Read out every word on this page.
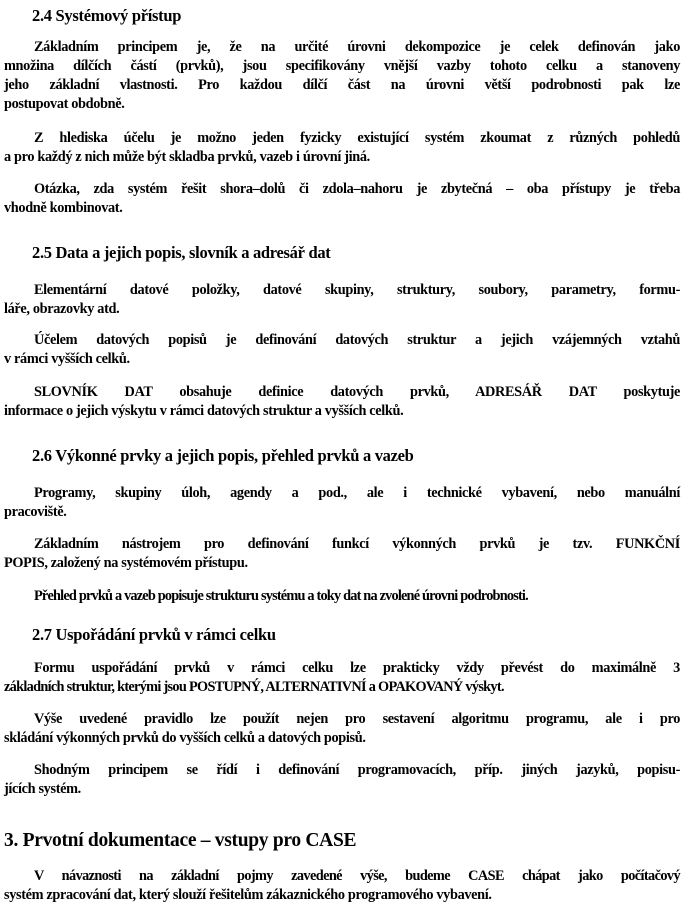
2.4 Systémový přístup
Základním principem je, že na určité úrovni dekompozice je celek definován jako
množina dílčích částí (prvků), jsou specifikovány vnější vazby tohoto celku a stanoveny
jeho základní vlastnosti. Pro každou dílčí část na úrovni větší podrobnosti pak lze
postupovat obdobně.
Z hlediska účelu je možno jeden fyzicky existující systém zkoumat z různých pohledů
a pro každý z nich může být skladba prvků, vazeb i úrovní jiná.
Otázka, zda systém řešit shora–dolů či zdola–nahoru je zbytečná – oba přístupy je třeba
vhodně kombinovat.
2.5 Data a jejich popis, slovník a adresář dat
Elementární datové položky, datové skupiny, struktury, soubory, parametry, formu-
láře, obrazovky atd.
Účelem datových popisů je definování datových struktur a jejich vzájemných vztahů
v rámci vyšších celků.
SLOVNÍK DAT obsahuje definice datových prvků, ADRESÁŘ DAT poskytuje
informace o jejich výskytu v rámci datových struktur a vyšších celků.
2.6 Výkonné prvky a jejich popis, přehled prvků a vazeb
Programy, skupiny úloh, agendy a pod., ale i technické vybavení, nebo manuální
pracoviště.
Základním nástrojem pro definování funkcí výkonných prvků je tzv. FUNKČNÍ
POPIS, založený na systémovém přístupu.
Přehled prvků a vazeb popisuje strukturu systému a toky dat na zvolené úrovni podrobnosti.
2.7 Uspořádání prvků v rámci celku
Formu uspořádání prvků v rámci celku lze prakticky vždy převést do maximálně 3
základních struktur, kterými jsou POSTUPNÝ, ALTERNATIVNÍ a OPAKOVANÝ výskyt.
Výše uvedené pravidlo lze použít nejen pro sestavení algoritmu programu, ale i pro
skládání výkonných prvků do vyšších celků a datových popisů.
Shodným principem se řídí i definování programovacích, příp. jiných jazyků, popisu-
jících systém.
3. Prvotní dokumentace – vstupy pro CASE
V návaznosti na základní pojmy zavedené výše, budeme CASE chápat jako počítačový
systém zpracování dat, který slouží řešitelům zákaznického programového vybavení.
